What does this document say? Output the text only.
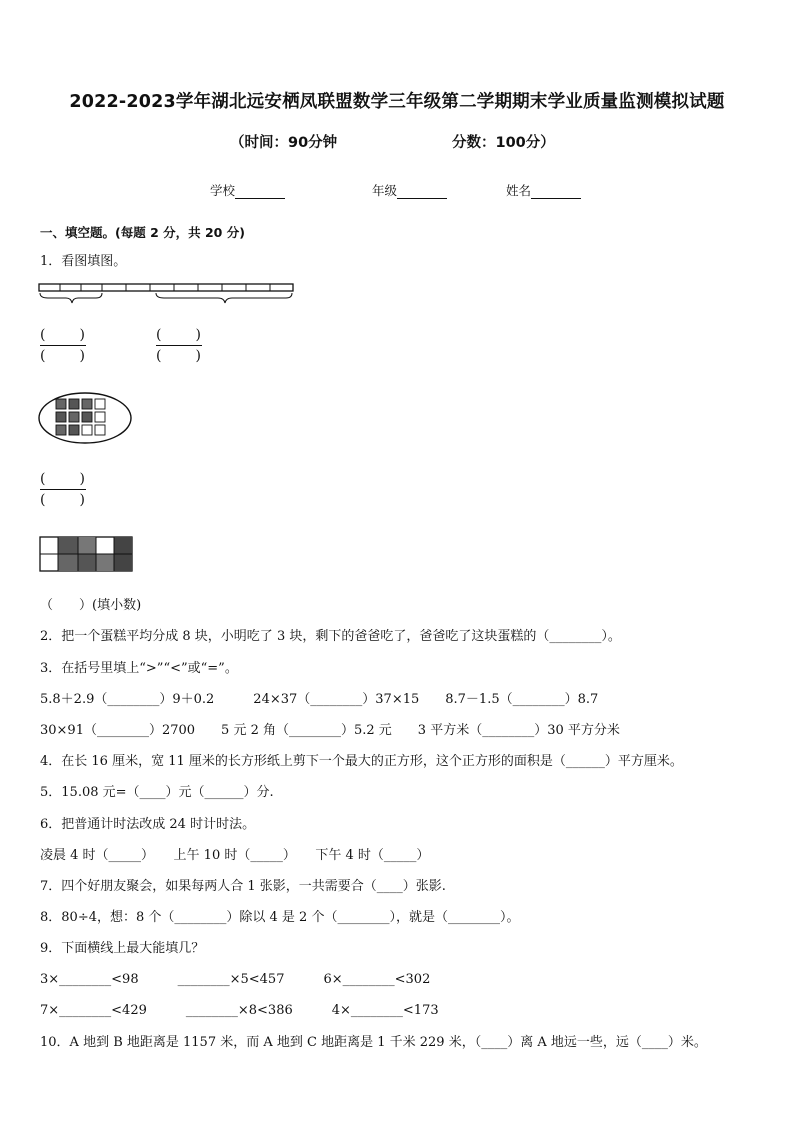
2022-2023学年湖北远安栖凤联盟数学三年级第二学期期末学业质量监测模拟试题
（时间：90分钟	分数：100分）
学校	年级	姓名
一、填空题。(每题 2 分，共 20 分)
1．看图填图。
( )
( )
( )
( )
( )
( )
（　　）(填小数)
2．把一个蛋糕平均分成 8 块，小明吃了 3 块，剩下的爸爸吃了，爸爸吃了这块蛋糕的（________）。
3．在括号里填上“>”“<”或“=”。
5.8＋2.9（________）9＋0.2　　　24×37（________）37×15　　8.7－1.5（________）8.7
30×91（________）2700　　5 元 2 角（________）5.2 元　　3 平方米（________）30 平方分米
4．在长 16 厘米，宽 11 厘米的长方形纸上剪下一个最大的正方形，这个正方形的面积是（______）平方厘米。
5．15.08 元=（____）元（______）分.
6．把普通计时法改成 24 时计时法。
凌晨 4 时（_____）　　上午 10 时（_____）　　下午 4 时（_____）
7．四个好朋友聚会，如果每两人合 1 张影，一共需要合（____）张影.
8．80÷4，想：8 个（________）除以 4 是 2 个（________），就是（________）。
9．下面横线上最大能填几？
3×________<98　　　________×5<457　　　6×________<302
7×________<429　　　________×8<386　　　4×________<173
10．A 地到 B 地距离是 1157 米，而 A 地到 C 地距离是 1 千米 229 米，（____）离 A 地远一些，远（____）米。
